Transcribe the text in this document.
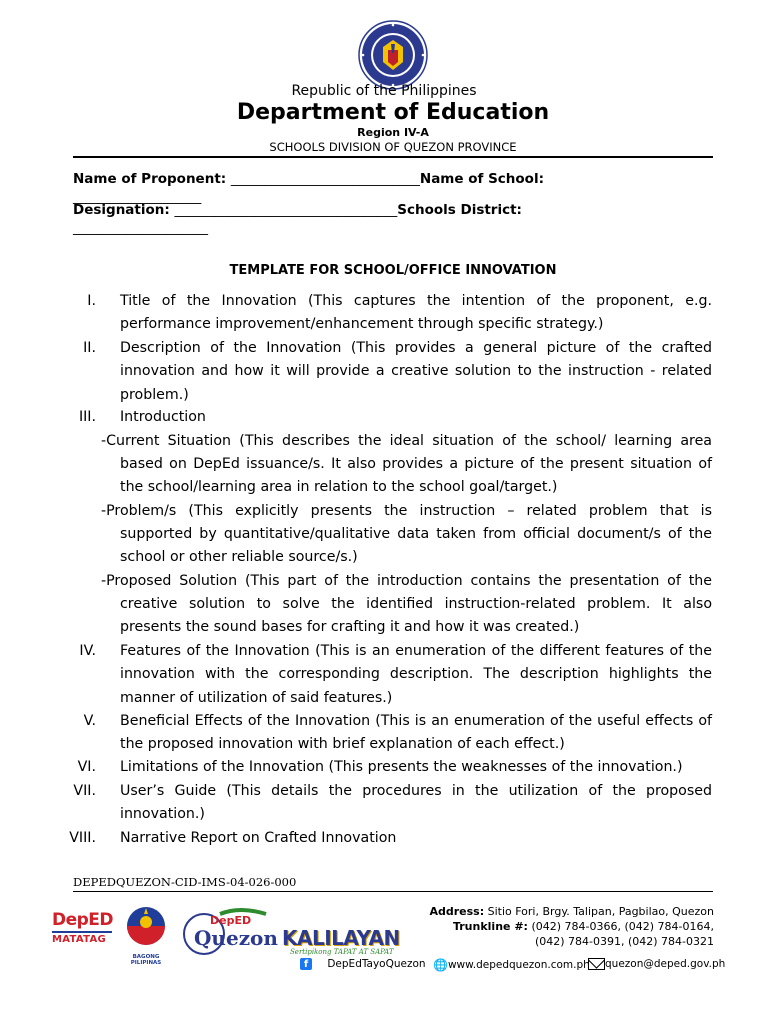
Republic of the Philippines
Department of Education
Region IV-A
SCHOOLS DIVISION OF QUEZON PROVINCE
Name of Proponent: ____________________________Name of School:
___________________
Designation: _________________________________Schools District:
____________________
TEMPLATE FOR SCHOOL/OFFICE INNOVATION
I. Title of the Innovation (This captures the intention of the proponent, e.g. performance improvement/enhancement through specific strategy.)
II. Description of the Innovation (This provides a general picture of the crafted innovation and how it will provide a creative solution to the instruction - related problem.)
III. Introduction
-Current Situation (This describes the ideal situation of the school/ learning area
based on DepEd issuance/s. It also provides a picture of the present situation of the school/learning area in relation to the school goal/target.)
-Problem/s (This explicitly presents the instruction – related problem that is
supported by quantitative/qualitative data taken from official document/s of the school or other reliable source/s.)
-Proposed Solution (This part of the introduction contains the presentation of the
creative solution to solve the identified instruction-related problem. It also presents the sound bases for crafting it and how it was created.)
IV. Features of the Innovation (This is an enumeration of the different features of the innovation with the corresponding description. The description highlights the manner of utilization of said features.)
V. Beneficial Effects of the Innovation (This is an enumeration of the useful effects of the proposed innovation with brief explanation of each effect.)
VI. Limitations of the Innovation (This presents the weaknesses of the innovation.)
VII. User’s Guide (This details the procedures in the utilization of the proposed innovation.)
VIII. Narrative Report on Crafted Innovation
DEPEDQUEZON-CID-IMS-04-026-000
DepED
MATATAG
BAGONG PILIPINAS
DepED
Quezon KALILAYAN
Sertipikong TAPAT AT SAPAT
Address: Sitio Fori, Brgy. Talipan, Pagbilao, Quezon
Trunkline #: (042) 784-0366, (042) 784-0164,
(042) 784-0391, (042) 784-0321
f DepEdTayoQuezon 🌐www.depedquezon.com.ph	quezon@deped.gov.ph
